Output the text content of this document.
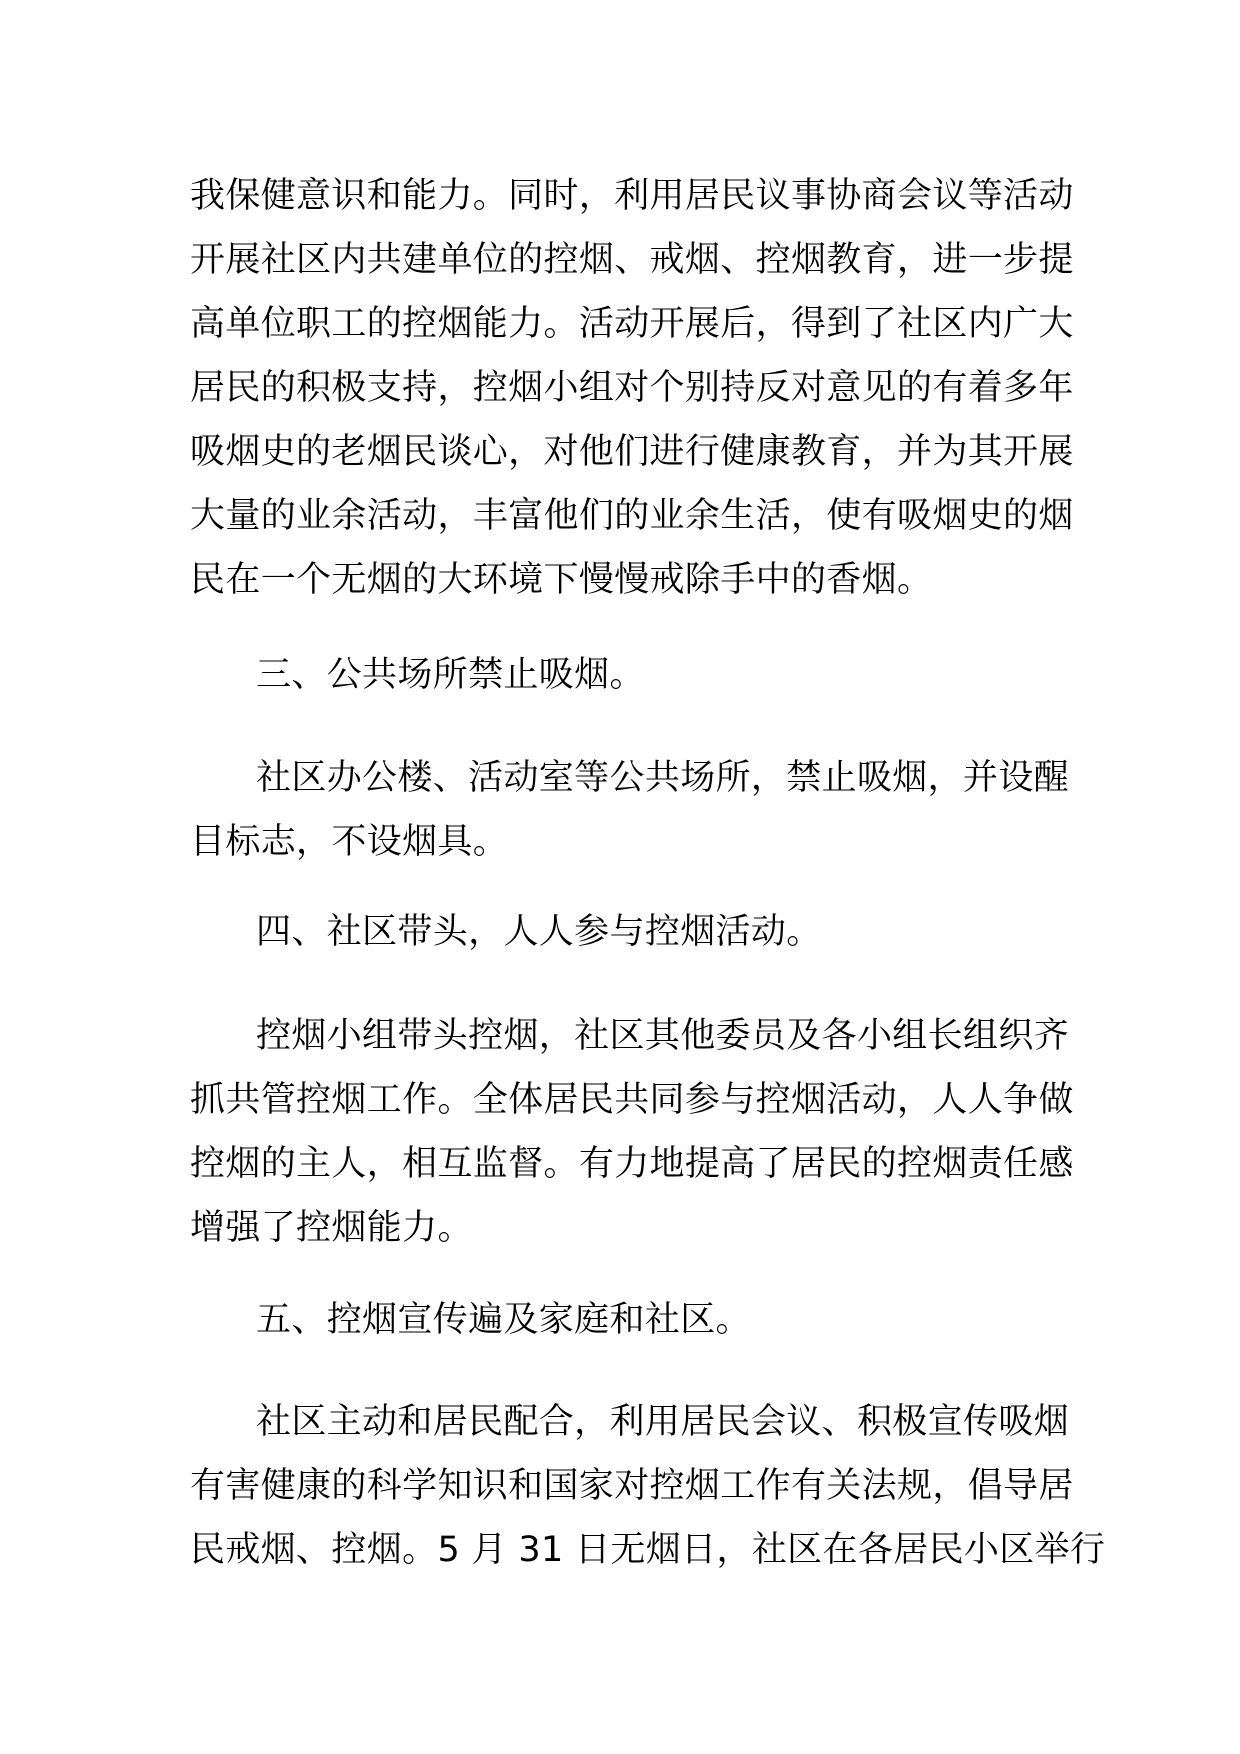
我保健意识和能力。同时，利用居民议事协商会议等活动
开展社区内共建单位的控烟、戒烟、控烟教育，进一步提
高单位职工的控烟能力。活动开展后，得到了社区内广大
居民的积极支持，控烟小组对个别持反对意见的有着多年
吸烟史的老烟民谈心，对他们进行健康教育，并为其开展
大量的业余活动，丰富他们的业余生活，使有吸烟史的烟
民在一个无烟的大环境下慢慢戒除手中的香烟。
三、公共场所禁止吸烟。
社区办公楼、活动室等公共场所，禁止吸烟，并设醒
目标志，不设烟具。
四、社区带头，人人参与控烟活动。
控烟小组带头控烟，社区其他委员及各小组长组织齐
抓共管控烟工作。全体居民共同参与控烟活动，人人争做
控烟的主人，相互监督。有力地提高了居民的控烟责任感
增强了控烟能力。
五、控烟宣传遍及家庭和社区。
社区主动和居民配合，利用居民会议、积极宣传吸烟
有害健康的科学知识和国家对控烟工作有关法规，倡导居
民戒烟、控烟。5 月 31 日无烟日，社区在各居民小区举行
